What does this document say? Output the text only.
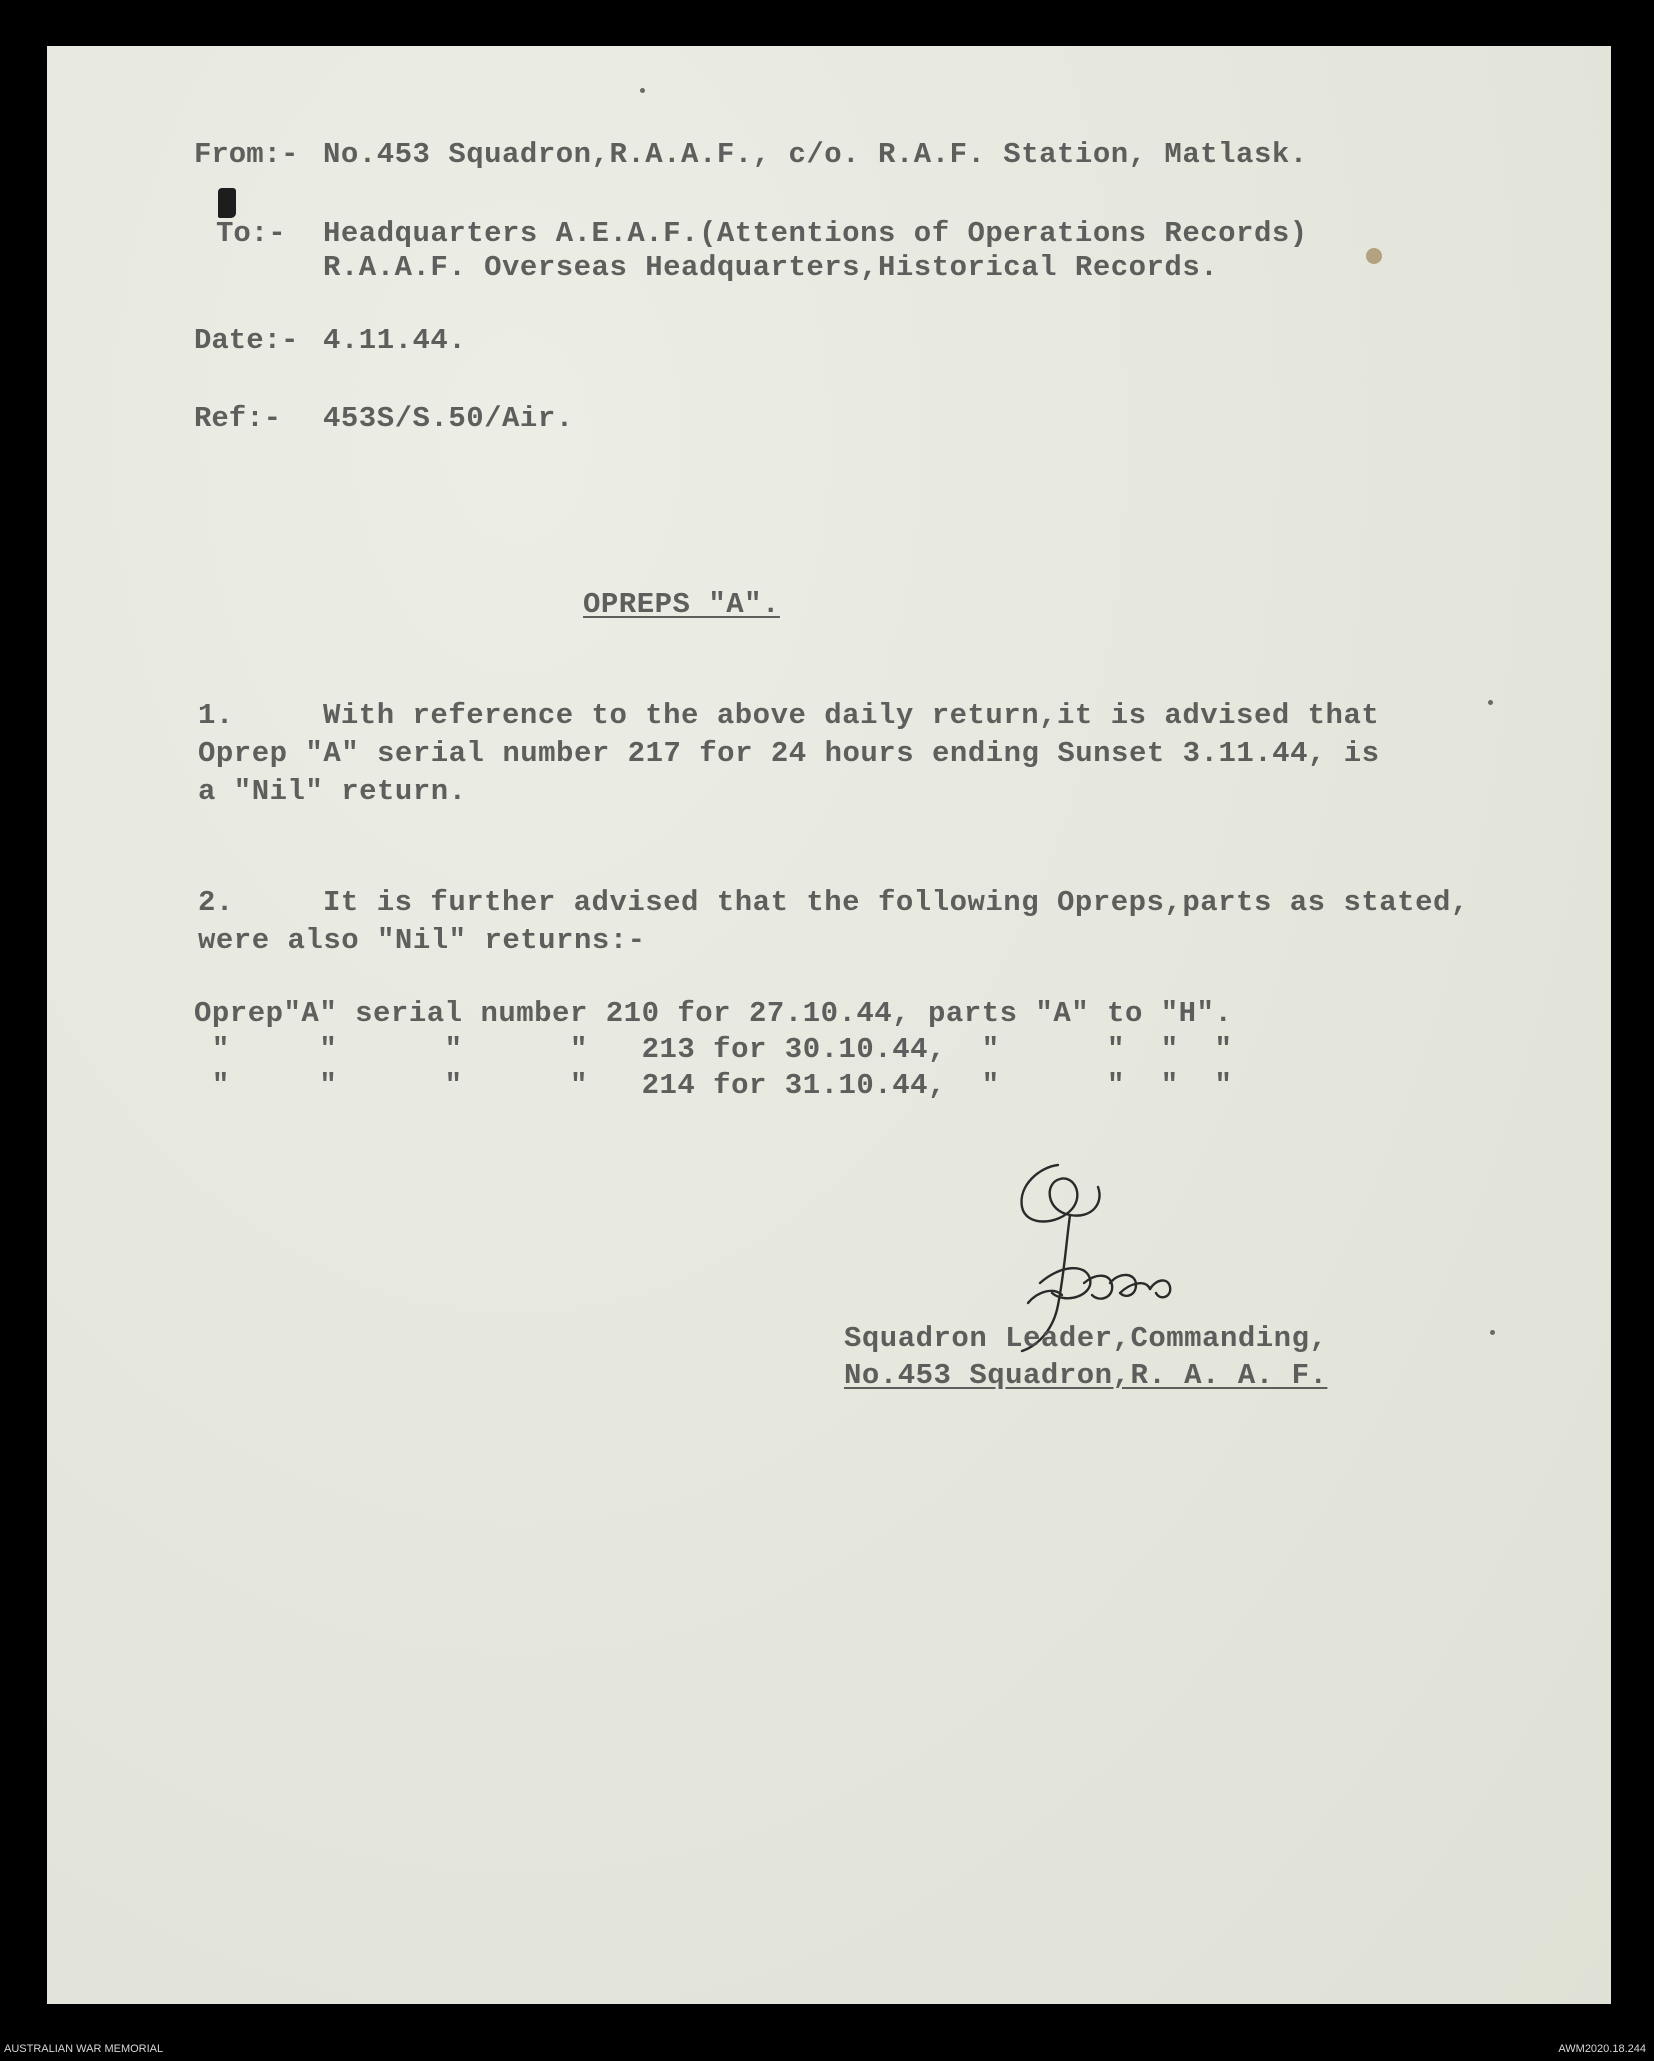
From:- No.453 Squadron,R.A.A.F., c/o. R.A.F. Station, Matlask.
To:- Headquarters A.E.A.F.(Attentions of Operations Records)
R.A.A.F. Overseas Headquarters,Historical Records.
Date:- 4.11.44.
Ref:- 453S/S.50/Air.
OPREPS "A".
1.	With reference to the above daily return,it is advised that
Oprep "A" serial number 217 for 24 hours ending Sunset 3.11.44, is
a "Nil" return.
2.	It is further advised that the following Opreps,parts as stated,
were also "Nil" returns:-
Oprep"A" serial number 210 for 27.10.44, parts "A" to "H".
"     "      "      "   213 for 30.10.44,  "      "  "  "
"     "      "      "   214 for 31.10.44,  "      "  "  "
Squadron Leader,Commanding,
No.453 Squadron,R. A. A. F.
AUSTRALIAN WAR MEMORIAL	AWM2020.18.244
